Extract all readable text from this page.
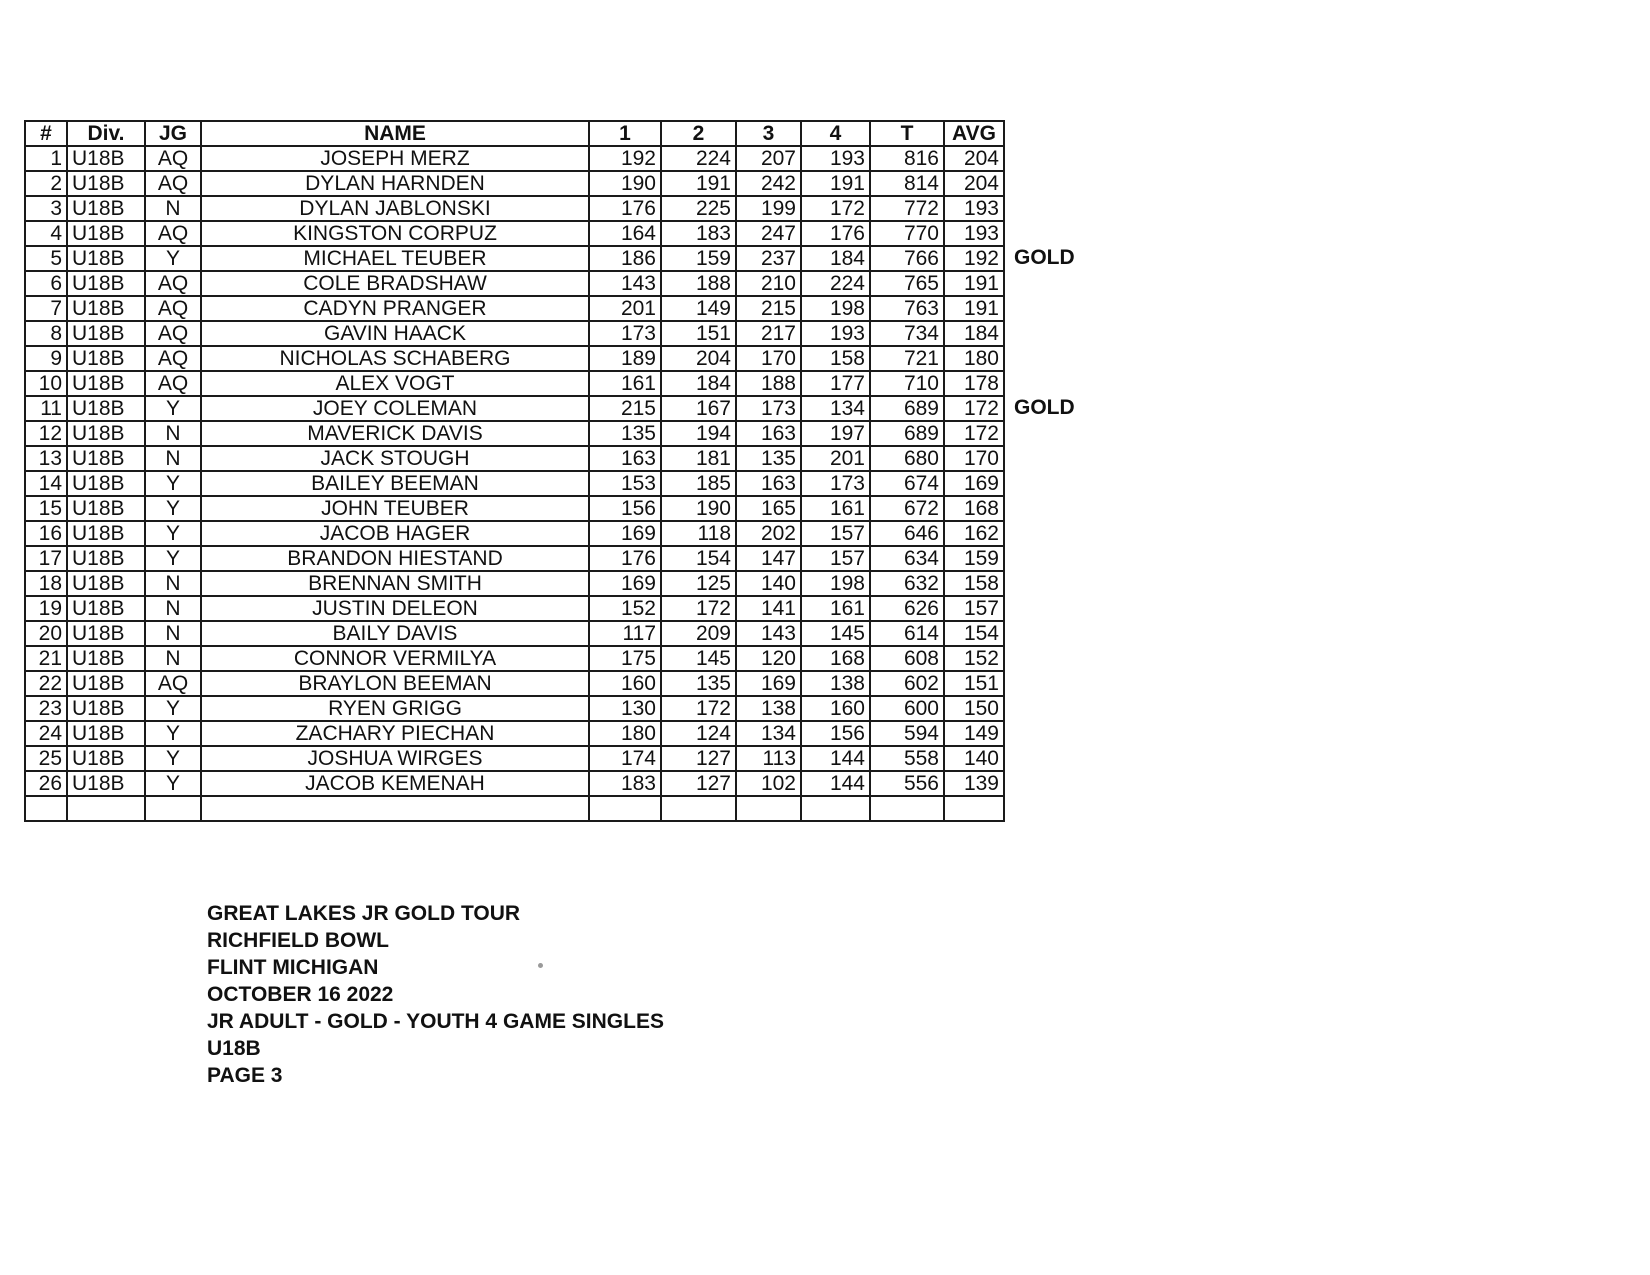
#	Div.	JG	NAME	1	2	3	4	T	AVG
1	U18B	AQ	JOSEPH MERZ	192	224	207	193	816	204
2	U18B	AQ	DYLAN HARNDEN	190	191	242	191	814	204
3	U18B	N	DYLAN JABLONSKI	176	225	199	172	772	193
4	U18B	AQ	KINGSTON CORPUZ	164	183	247	176	770	193
5	U18B	Y	MICHAEL TEUBER	186	159	237	184	766	192
6	U18B	AQ	COLE BRADSHAW	143	188	210	224	765	191
7	U18B	AQ	CADYN PRANGER	201	149	215	198	763	191
8	U18B	AQ	GAVIN HAACK	173	151	217	193	734	184
9	U18B	AQ	NICHOLAS SCHABERG	189	204	170	158	721	180
10	U18B	AQ	ALEX VOGT	161	184	188	177	710	178
11	U18B	Y	JOEY COLEMAN	215	167	173	134	689	172
12	U18B	N	MAVERICK DAVIS	135	194	163	197	689	172
13	U18B	N	JACK STOUGH	163	181	135	201	680	170
14	U18B	Y	BAILEY BEEMAN	153	185	163	173	674	169
15	U18B	Y	JOHN TEUBER	156	190	165	161	672	168
16	U18B	Y	JACOB HAGER	169	118	202	157	646	162
17	U18B	Y	BRANDON HIESTAND	176	154	147	157	634	159
18	U18B	N	BRENNAN SMITH	169	125	140	198	632	158
19	U18B	N	JUSTIN DELEON	152	172	141	161	626	157
20	U18B	N	BAILY DAVIS	117	209	143	145	614	154
21	U18B	N	CONNOR VERMILYA	175	145	120	168	608	152
22	U18B	AQ	BRAYLON BEEMAN	160	135	169	138	602	151
23	U18B	Y	RYEN GRIGG	130	172	138	160	600	150
24	U18B	Y	ZACHARY PIECHAN	180	124	134	156	594	149
25	U18B	Y	JOSHUA WIRGES	174	127	113	144	558	140
26	U18B	Y	JACOB KEMENAH	183	127	102	144	556	139

GOLD
GOLD
GREAT LAKES JR GOLD TOUR
RICHFIELD BOWL
FLINT MICHIGAN
OCTOBER 16 2022
JR ADULT - GOLD - YOUTH 4 GAME SINGLES
U18B
PAGE 3
